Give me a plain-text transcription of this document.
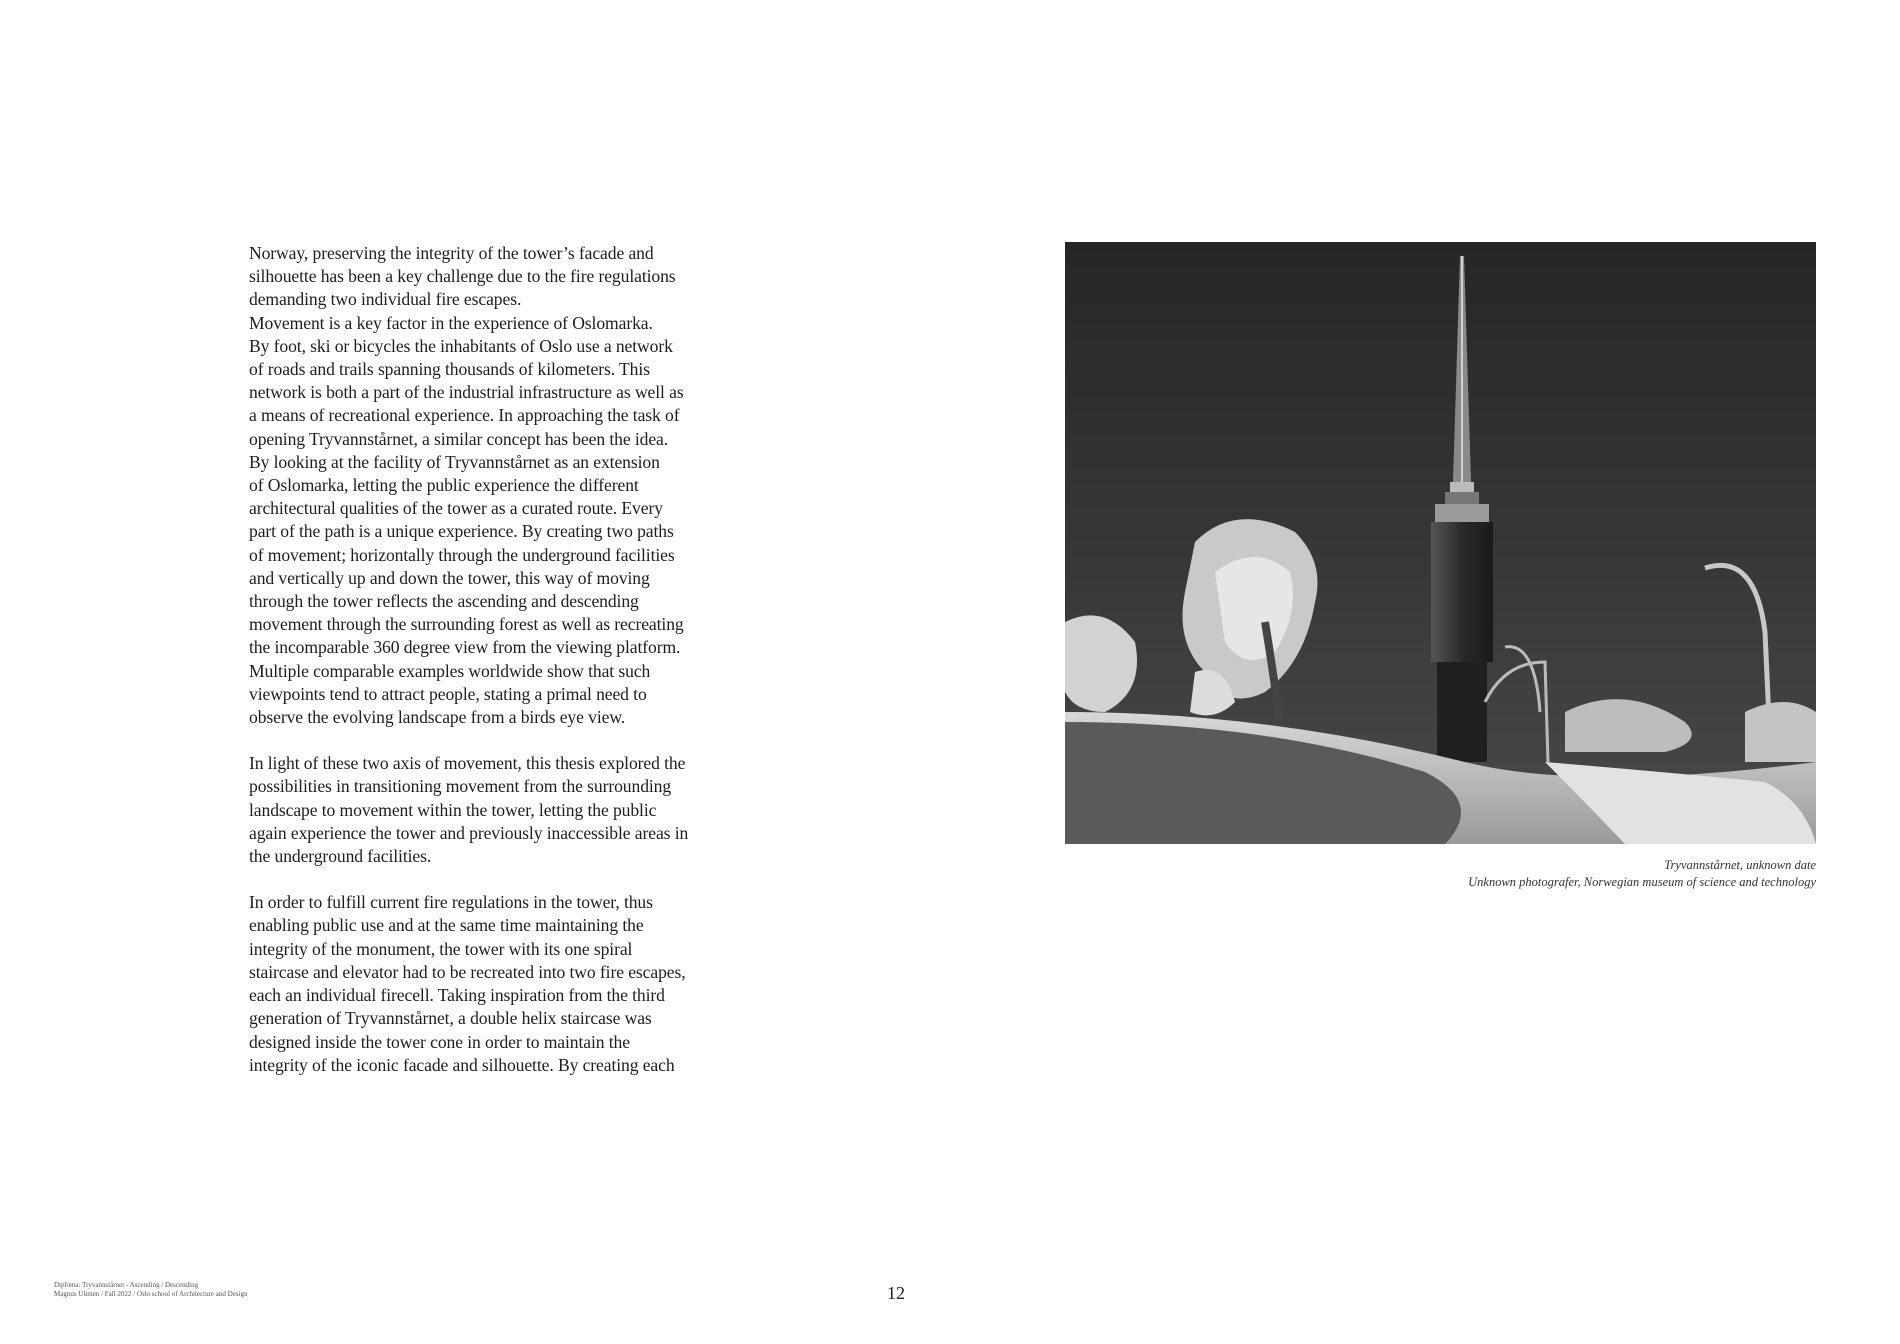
Norway, preserving the integrity of the tower’s facade and
silhouette has been a key challenge due to the fire regulations
demanding two individual fire escapes.
Movement is a key factor in the experience of Oslomarka.
By foot, ski or bicycles the inhabitants of Oslo use a network
of roads and trails spanning thousands of kilometers. This
network is both a part of the industrial infrastructure as well as
a means of recreational experience. In approaching the task of
opening Tryvannstårnet, a similar concept has been the idea.
By looking at the facility of Tryvannstårnet as an extension
of Oslomarka, letting the public experience the different
architectural qualities of the tower as a curated route. Every
part of the path is a unique experience. By creating two paths
of movement; horizontally through the underground facilities
and vertically up and down the tower, this way of moving
through the tower reflects the ascending and descending
movement through the surrounding forest as well as recreating
the incomparable 360 degree view from the viewing platform.
Multiple comparable examples worldwide show that such
viewpoints tend to attract people, stating a primal need to
observe the evolving landscape from a birds eye view.

In light of these two axis of movement, this thesis explored the
possibilities in transitioning movement from the surrounding
landscape to movement within the tower, letting the public
again experience the tower and previously inaccessible areas in
the underground facilities.

In order to fulfill current fire regulations in the tower, thus
enabling public use and at the same time maintaining the
integrity of the monument, the tower with its one spiral
staircase and elevator had to be recreated into two fire escapes,
each an individual firecell. Taking inspiration from the third
generation of Tryvannstårnet, a double helix staircase was
designed inside the tower cone in order to maintain the
integrity of the iconic facade and silhouette. By creating each

Tryvannstårnet, unknown date
Unknown photografer, Norwegian museum of science and technology
Diploma: Tryvannstårnet - Ascending / Descending
Magnus Ulimen / Fall 2022 / Oslo school of Architecture and Design	12
